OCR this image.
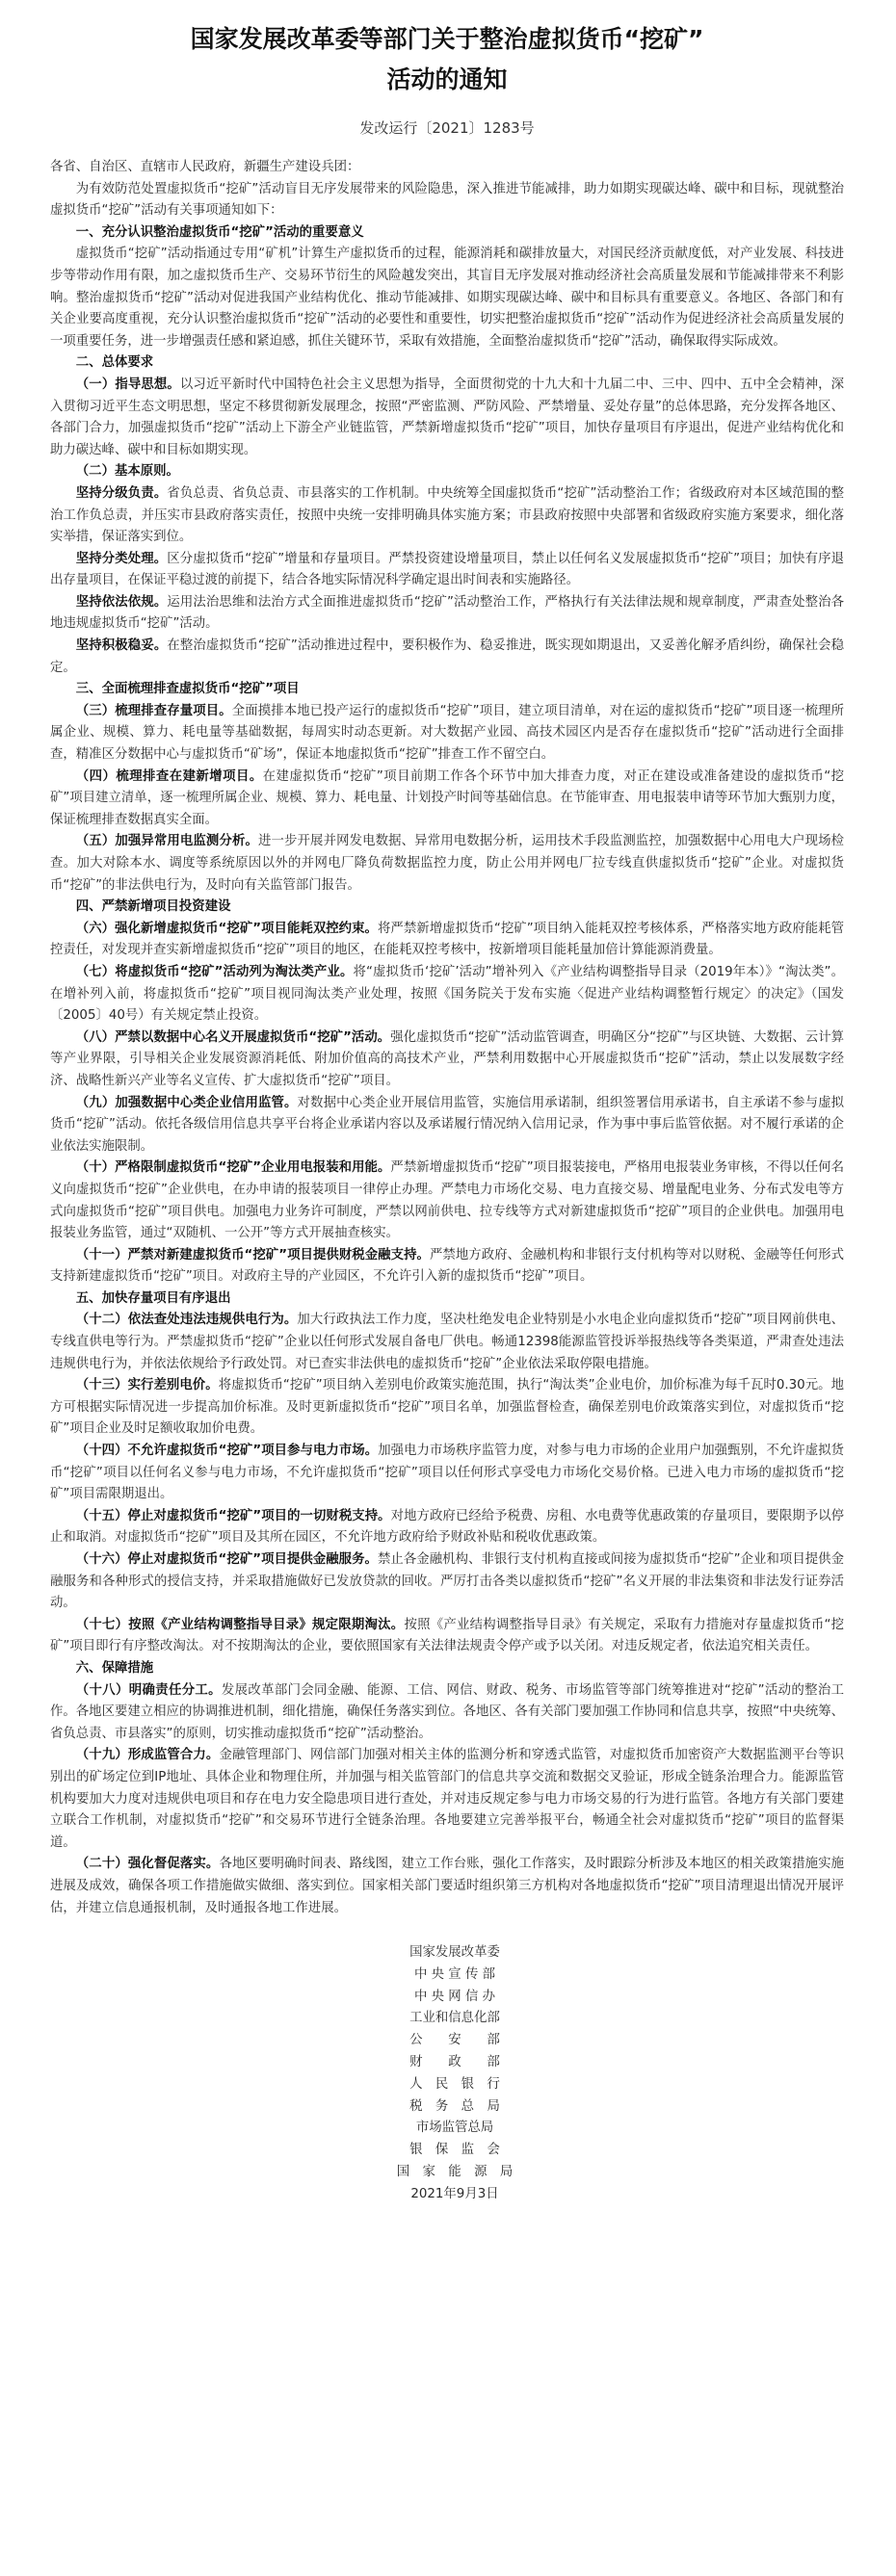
国家发展改革委等部门关于整治虚拟货币“挖矿”
活动的通知
发改运行〔2021〕1283号

各省、自治区、直辖市人民政府，新疆生产建设兵团：

为有效防范处置虚拟货币“挖矿”活动盲目无序发展带来的风险隐患，深入推进节能减排，助力如期实现碳达峰、碳中和目标，现就整治虚拟货币“挖矿”活动有关事项通知如下：

一、充分认识整治虚拟货币“挖矿”活动的重要意义

虚拟货币“挖矿”活动指通过专用“矿机”计算生产虚拟货币的过程，能源消耗和碳排放量大，对国民经济贡献度低，对产业发展、科技进步等带动作用有限，加之虚拟货币生产、交易环节衍生的风险越发突出，其盲目无序发展对推动经济社会高质量发展和节能减排带来不利影响。整治虚拟货币“挖矿”活动对促进我国产业结构优化、推动节能减排、如期实现碳达峰、碳中和目标具有重要意义。各地区、各部门和有关企业要高度重视，充分认识整治虚拟货币“挖矿”活动的必要性和重要性，切实把整治虚拟货币“挖矿”活动作为促进经济社会高质量发展的一项重要任务，进一步增强责任感和紧迫感，抓住关键环节，采取有效措施，全面整治虚拟货币“挖矿”活动，确保取得实际成效。

二、总体要求

（一）指导思想。以习近平新时代中国特色社会主义思想为指导，全面贯彻党的十九大和十九届二中、三中、四中、五中全会精神，深入贯彻习近平生态文明思想，坚定不移贯彻新发展理念，按照“严密监测、严防风险、严禁增量、妥处存量”的总体思路，充分发挥各地区、各部门合力，加强虚拟货币“挖矿”活动上下游全产业链监管，严禁新增虚拟货币“挖矿”项目，加快存量项目有序退出，促进产业结构优化和助力碳达峰、碳中和目标如期实现。

（二）基本原则。

坚持分级负责。省负总责、省负总责、市县落实的工作机制。中央统筹全国虚拟货币“挖矿”活动整治工作；省级政府对本区域范围的整治工作负总责，并压实市县政府落实责任，按照中央统一安排明确具体实施方案；市县政府按照中央部署和省级政府实施方案要求，细化落实举措，保证落实到位。

坚持分类处理。区分虚拟货币“挖矿”增量和存量项目。严禁投资建设增量项目，禁止以任何名义发展虚拟货币“挖矿”项目；加快有序退出存量项目，在保证平稳过渡的前提下，结合各地实际情况科学确定退出时间表和实施路径。

坚持依法依规。运用法治思维和法治方式全面推进虚拟货币“挖矿”活动整治工作，严格执行有关法律法规和规章制度，严肃查处整治各地违规虚拟货币“挖矿”活动。

坚持积极稳妥。在整治虚拟货币“挖矿”活动推进过程中，要积极作为、稳妥推进，既实现如期退出，又妥善化解矛盾纠纷，确保社会稳定。

三、全面梳理排查虚拟货币“挖矿”项目

（三）梳理排查存量项目。全面摸排本地已投产运行的虚拟货币“挖矿”项目，建立项目清单，对在运的虚拟货币“挖矿”项目逐一梳理所属企业、规模、算力、耗电量等基础数据，每周实时动态更新。对大数据产业园、高技术园区内是否存在虚拟货币“挖矿”活动进行全面排查，精准区分数据中心与虚拟货币“矿场”，保证本地虚拟货币“挖矿”排查工作不留空白。

（四）梳理排查在建新增项目。在建虚拟货币“挖矿”项目前期工作各个环节中加大排查力度，对正在建设或准备建设的虚拟货币“挖矿”项目建立清单，逐一梳理所属企业、规模、算力、耗电量、计划投产时间等基础信息。在节能审查、用电报装申请等环节加大甄别力度，保证梳理排查数据真实全面。

（五）加强异常用电监测分析。进一步开展并网发电数据、异常用电数据分析，运用技术手段监测监控，加强数据中心用电大户现场检查。加大对除本水、调度等系统原因以外的并网电厂降负荷数据监控力度，防止公用并网电厂拉专线直供虚拟货币“挖矿”企业。对虚拟货币“挖矿”的非法供电行为，及时向有关监管部门报告。

四、严禁新增项目投资建设

（六）强化新增虚拟货币“挖矿”项目能耗双控约束。将严禁新增虚拟货币“挖矿”项目纳入能耗双控考核体系，严格落实地方政府能耗管控责任，对发现并查实新增虚拟货币“挖矿”项目的地区，在能耗双控考核中，按新增项目能耗量加倍计算能源消费量。

（七）将虚拟货币“挖矿”活动列为淘汰类产业。将“虚拟货币‘挖矿’活动”增补列入《产业结构调整指导目录（2019年本）》“淘汰类”。在增补列入前，将虚拟货币“挖矿”项目视同淘汰类产业处理，按照《国务院关于发布实施〈促进产业结构调整暂行规定〉的决定》（国发〔2005〕40号）有关规定禁止投资。

（八）严禁以数据中心名义开展虚拟货币“挖矿”活动。强化虚拟货币“挖矿”活动监管调查，明确区分“挖矿”与区块链、大数据、云计算等产业界限，引导相关企业发展资源消耗低、附加价值高的高技术产业，严禁利用数据中心开展虚拟货币“挖矿”活动，禁止以发展数字经济、战略性新兴产业等名义宣传、扩大虚拟货币“挖矿”项目。

（九）加强数据中心类企业信用监管。对数据中心类企业开展信用监管，实施信用承诺制，组织签署信用承诺书，自主承诺不参与虚拟货币“挖矿”活动。依托各级信用信息共享平台将企业承诺内容以及承诺履行情况纳入信用记录，作为事中事后监管依据。对不履行承诺的企业依法实施限制。

（十）严格限制虚拟货币“挖矿”企业用电报装和用能。严禁新增虚拟货币“挖矿”项目报装接电，严格用电报装业务审核，不得以任何名义向虚拟货币“挖矿”企业供电，在办申请的报装项目一律停止办理。严禁电力市场化交易、电力直接交易、增量配电业务、分布式发电等方式向虚拟货币“挖矿”项目供电。加强电力业务许可制度，严禁以网前供电、拉专线等方式对新建虚拟货币“挖矿”项目的企业供电。加强用电报装业务监管，通过“双随机、一公开”等方式开展抽查核实。

（十一）严禁对新建虚拟货币“挖矿”项目提供财税金融支持。严禁地方政府、金融机构和非银行支付机构等对以财税、金融等任何形式支持新建虚拟货币“挖矿”项目。对政府主导的产业园区，不允许引入新的虚拟货币“挖矿”项目。

五、加快存量项目有序退出

（十二）依法查处违法违规供电行为。加大行政执法工作力度，坚决杜绝发电企业特别是小水电企业向虚拟货币“挖矿”项目网前供电、专线直供电等行为。严禁虚拟货币“挖矿”企业以任何形式发展自备电厂供电。畅通12398能源监管投诉举报热线等各类渠道，严肃查处违法违规供电行为，并依法依规给予行政处罚。对已查实非法供电的虚拟货币“挖矿”企业依法采取停限电措施。

（十三）实行差别电价。将虚拟货币“挖矿”项目纳入差别电价政策实施范围，执行“淘汰类”企业电价，加价标准为每千瓦时0.30元。地方可根据实际情况进一步提高加价标准。及时更新虚拟货币“挖矿”项目名单，加强监督检查，确保差别电价政策落实到位，对虚拟货币“挖矿”项目企业及时足额收取加价电费。

（十四）不允许虚拟货币“挖矿”项目参与电力市场。加强电力市场秩序监管力度，对参与电力市场的企业用户加强甄别，不允许虚拟货币“挖矿”项目以任何名义参与电力市场，不允许虚拟货币“挖矿”项目以任何形式享受电力市场化交易价格。已进入电力市场的虚拟货币“挖矿”项目需限期退出。

（十五）停止对虚拟货币“挖矿”项目的一切财税支持。对地方政府已经给予税费、房租、水电费等优惠政策的存量项目，要限期予以停止和取消。对虚拟货币“挖矿”项目及其所在园区，不允许地方政府给予财政补贴和税收优惠政策。

（十六）停止对虚拟货币“挖矿”项目提供金融服务。禁止各金融机构、非银行支付机构直接或间接为虚拟货币“挖矿”企业和项目提供金融服务和各种形式的授信支持，并采取措施做好已发放贷款的回收。严厉打击各类以虚拟货币“挖矿”名义开展的非法集资和非法发行证券活动。

（十七）按照《产业结构调整指导目录》规定限期淘汰。按照《产业结构调整指导目录》有关规定，采取有力措施对存量虚拟货币“挖矿”项目即行有序整改淘汰。对不按期淘汰的企业，要依照国家有关法律法规责令停产或予以关闭。对违反规定者，依法追究相关责任。

六、保障措施

（十八）明确责任分工。发展改革部门会同金融、能源、工信、网信、财政、税务、市场监管等部门统筹推进对“挖矿”活动的整治工作。各地区要建立相应的协调推进机制，细化措施，确保任务落实到位。各地区、各有关部门要加强工作协同和信息共享，按照“中央统筹、省负总责、市县落实”的原则，切实推动虚拟货币“挖矿”活动整治。

（十九）形成监管合力。金融管理部门、网信部门加强对相关主体的监测分析和穿透式监管，对虚拟货币加密资产大数据监测平台等识别出的矿场定位到IP地址、具体企业和物理住所，并加强与相关监管部门的信息共享交流和数据交叉验证，形成全链条治理合力。能源监管机构要加大力度对违规供电项目和存在电力安全隐患项目进行查处，并对违反规定参与电力市场交易的行为进行监管。各地方有关部门要建立联合工作机制，对虚拟货币“挖矿”和交易环节进行全链条治理。各地要建立完善举报平台，畅通全社会对虚拟货币“挖矿”项目的监督渠道。

（二十）强化督促落实。各地区要明确时间表、路线图，建立工作台账，强化工作落实，及时跟踪分析涉及本地区的相关政策措施实施进展及成效，确保各项工作措施做实做细、落实到位。国家相关部门要适时组织第三方机构对各地虚拟货币“挖矿”项目清理退出情况开展评估，并建立信息通报机制，及时通报各地工作进展。

国家发展改革委
中 央 宣 传 部
中 央 网 信 办
工业和信息化部
公　　安　　部
财　　政　　部
人　民　银　行
税　务　总　局
市场监管总局
银　保　监　会
国　家　能　源　局
2021年9月3日
